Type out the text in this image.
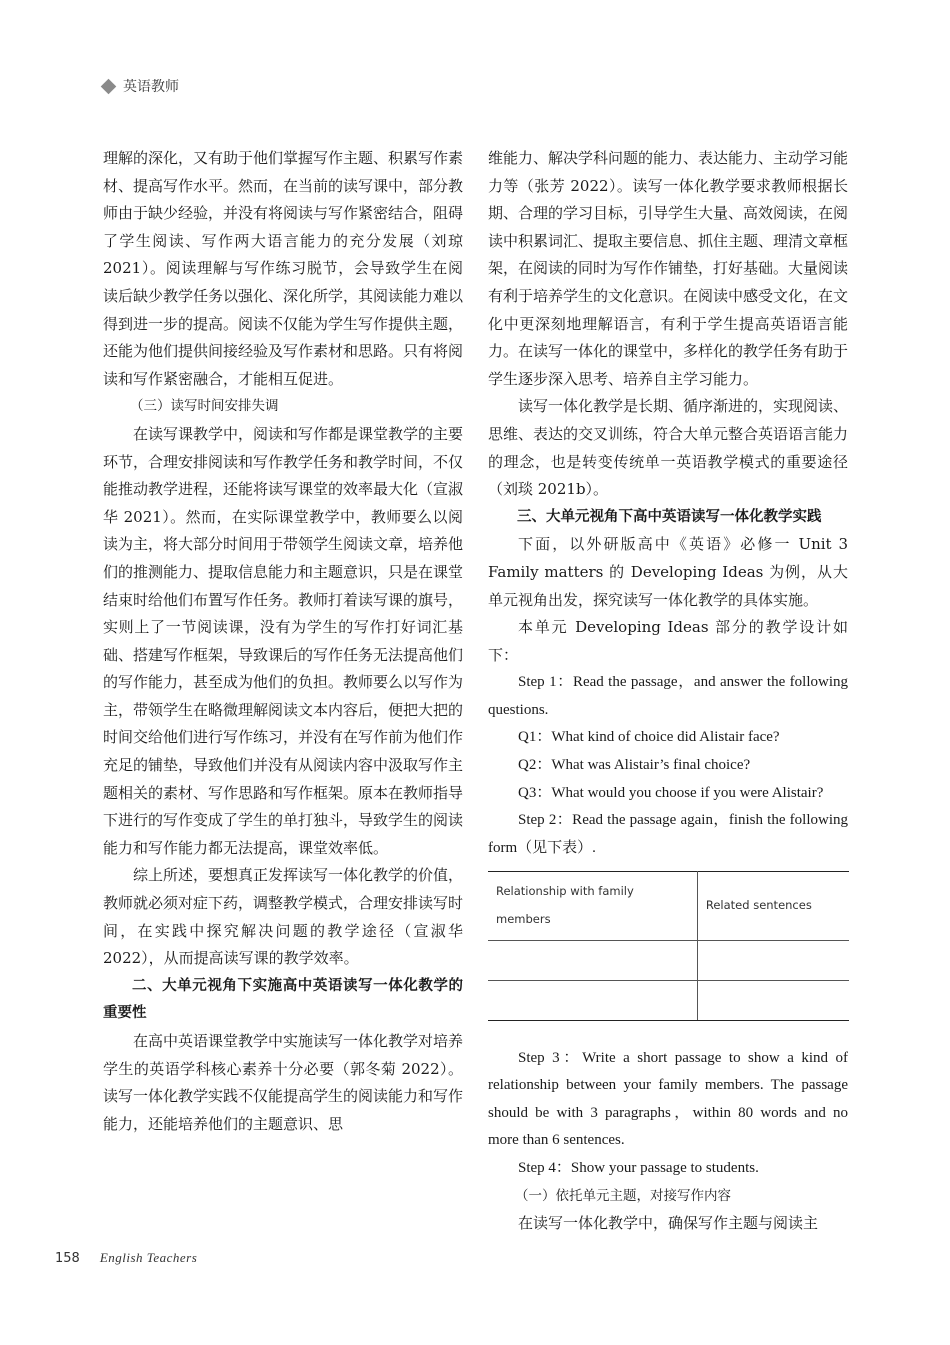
英语教师

理解的深化，又有助于他们掌握写作主题、积累写作素材、提高写作水平。然而，在当前的读写课中，部分教师由于缺少经验，并没有将阅读与写作紧密结合，阻碍了学生阅读、写作两大语言能力的充分发展（刘琼 2021）。阅读理解与写作练习脱节，会导致学生在阅读后缺少教学任务以强化、深化所学，其阅读能力难以得到进一步的提高。阅读不仅能为学生写作提供主题，还能为他们提供间接经验及写作素材和思路。只有将阅读和写作紧密融合，才能相互促进。

（三）读写时间安排失调

在读写课教学中，阅读和写作都是课堂教学的主要环节，合理安排阅读和写作教学任务和教学时间，不仅能推动教学进程，还能将读写课堂的效率最大化（宣淑华 2021）。然而，在实际课堂教学中，教师要么以阅读为主，将大部分时间用于带领学生阅读文章，培养他们的推测能力、提取信息能力和主题意识，只是在课堂结束时给他们布置写作任务。教师打着读写课的旗号，实则上了一节阅读课，没有为学生的写作打好词汇基础、搭建写作框架，导致课后的写作任务无法提高他们的写作能力，甚至成为他们的负担。教师要么以写作为主，带领学生在略微理解阅读文本内容后，便把大把的时间交给他们进行写作练习，并没有在写作前为他们作充足的铺垫，导致他们并没有从阅读内容中汲取写作主题相关的素材、写作思路和写作框架。原本在教师指导下进行的写作变成了学生的单打独斗，导致学生的阅读能力和写作能力都无法提高，课堂效率低。

综上所述，要想真正发挥读写一体化教学的价值，教师就必须对症下药，调整教学模式，合理安排读写时间，在实践中探究解决问题的教学途径（宣淑华 2022），从而提高读写课的教学效率。

二、大单元视角下实施高中英语读写一体化教学的重要性

在高中英语课堂教学中实施读写一体化教学对培养学生的英语学科核心素养十分必要（郭冬菊 2022）。读写一体化教学实践不仅能提高学生的阅读能力和写作能力，还能培养他们的主题意识、思

维能力、解决学科问题的能力、表达能力、主动学习能力等（张芳 2022）。读写一体化教学要求教师根据长期、合理的学习目标，引导学生大量、高效阅读，在阅读中积累词汇、提取主要信息、抓住主题、理清文章框架，在阅读的同时为写作作铺垫，打好基础。大量阅读有利于培养学生的文化意识。在阅读中感受文化，在文化中更深刻地理解语言，有利于学生提高英语语言能力。在读写一体化的课堂中，多样化的教学任务有助于学生逐步深入思考、培养自主学习能力。

读写一体化教学是长期、循序渐进的，实现阅读、思维、表达的交叉训练，符合大单元整合英语语言能力的理念，也是转变传统单一英语教学模式的重要途径（刘琰 2021b）。

三、大单元视角下高中英语读写一体化教学实践

下面，以外研版高中《英语》必修一 Unit 3 Family matters 的 Developing Ideas 为例，从大单元视角出发，探究读写一体化教学的具体实施。

本单元 Developing Ideas 部分的教学设计如下：

Step 1：Read the passage，and answer the following questions.

Q1：What kind of choice did Alistair face?

Q2：What was Alistair’s final choice?

Q3：What would you choose if you were Alistair?

Step 2：Read the passage again，finish the following form（见下表）.

Relationship with family members	Related sentences

Step 3：Write a short passage to show a kind of relationship between your family members. The passage should be with 3 paragraphs，within 80 words and no more than 6 sentences.

Step 4：Show your passage to students.

（一）依托单元主题，对接写作内容

在读写一体化教学中，确保写作主题与阅读主

158 English Teachers
